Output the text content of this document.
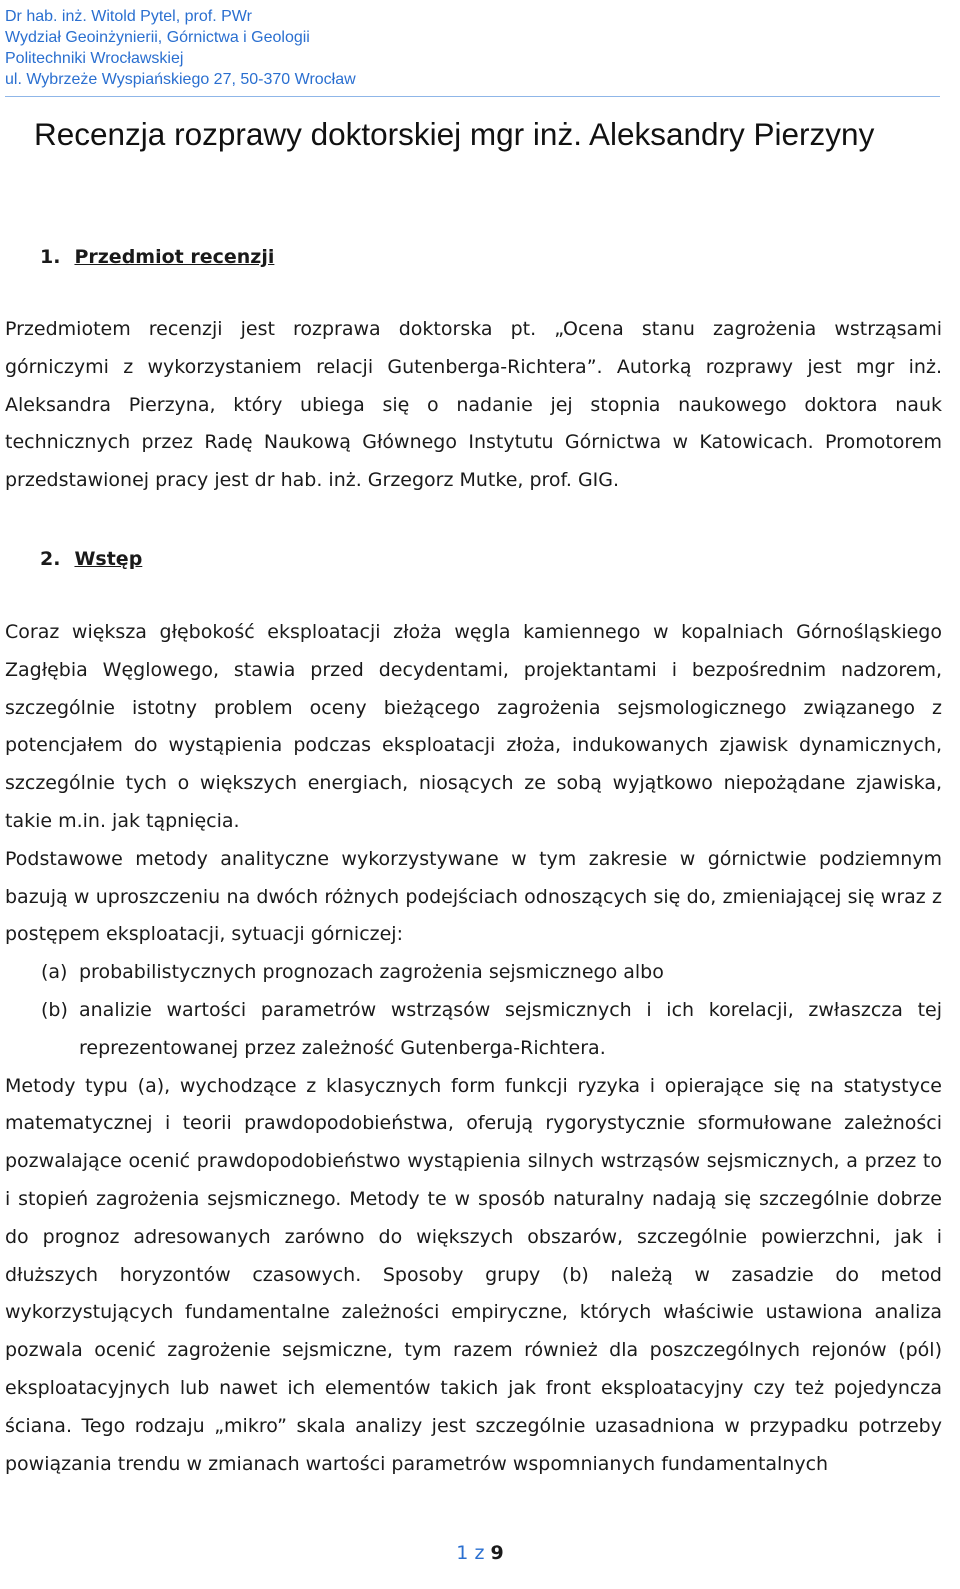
Dr hab. inż. Witold Pytel, prof. PWr
Wydział Geoinżynierii, Górnictwa i Geologii
Politechniki Wrocławskiej
ul. Wybrzeże Wyspiańskiego 27, 50-370 Wrocław
Recenzja rozprawy doktorskiej mgr inż. Aleksandry Pierzyny
1. Przedmiot recenzji

Przedmiotem recenzji jest rozprawa doktorska pt. „Ocena stanu zagrożenia wstrząsami górniczymi z wykorzystaniem relacji Gutenberga-Richtera”. Autorką rozprawy jest mgr inż. Aleksandra Pierzyna, który ubiega się o nadanie jej stopnia naukowego doktora nauk technicznych przez Radę Naukową Głównego Instytutu Górnictwa w Katowicach. Promotorem przedstawionej pracy jest dr hab. inż. Grzegorz Mutke, prof. GIG.

2. Wstęp

Coraz większa głębokość eksploatacji złoża węgla kamiennego w kopalniach Górnośląskiego Zagłębia Węglowego, stawia przed decydentami, projektantami i bezpośrednim nadzorem, szczególnie istotny problem oceny bieżącego zagrożenia sejsmologicznego związanego z potencjałem do wystąpienia podczas eksploatacji złoża, indukowanych zjawisk dynamicznych, szczególnie tych o większych energiach, niosących ze sobą wyjątkowo niepożądane zjawiska, takie m.in. jak tąpnięcia.

Podstawowe metody analityczne wykorzystywane w tym zakresie w górnictwie podziemnym bazują w uproszczeniu na dwóch różnych podejściach odnoszących się do, zmieniającej się wraz z postępem eksploatacji, sytuacji górniczej:

(a) probabilistycznych prognozach zagrożenia sejsmicznego albo
(b) analizie wartości parametrów wstrząsów sejsmicznych i ich korelacji, zwłaszcza tej reprezentowanej przez zależność Gutenberga-Richtera.

Metody typu (a), wychodzące z klasycznych form funkcji ryzyka i opierające się na statystyce matematycznej i teorii prawdopodobieństwa, oferują rygorystycznie sformułowane zależności pozwalające ocenić prawdopodobieństwo wystąpienia silnych wstrząsów sejsmicznych, a przez to i stopień zagrożenia sejsmicznego. Metody te w sposób naturalny nadają się szczególnie dobrze do prognoz adresowanych zarówno do większych obszarów, szczególnie powierzchni, jak i dłuższych horyzontów czasowych. Sposoby grupy (b) należą w zasadzie do metod wykorzystujących fundamentalne zależności empiryczne, których właściwie ustawiona analiza pozwala ocenić zagrożenie sejsmiczne, tym razem również dla poszczególnych rejonów (pól) eksploatacyjnych lub nawet ich elementów takich jak front eksploatacyjny czy też pojedyncza ściana. Tego rodzaju „mikro” skala analizy jest szczególnie uzasadniona w przypadku potrzeby powiązania trendu w zmianach wartości parametrów wspomnianych fundamentalnych

1 z 9
